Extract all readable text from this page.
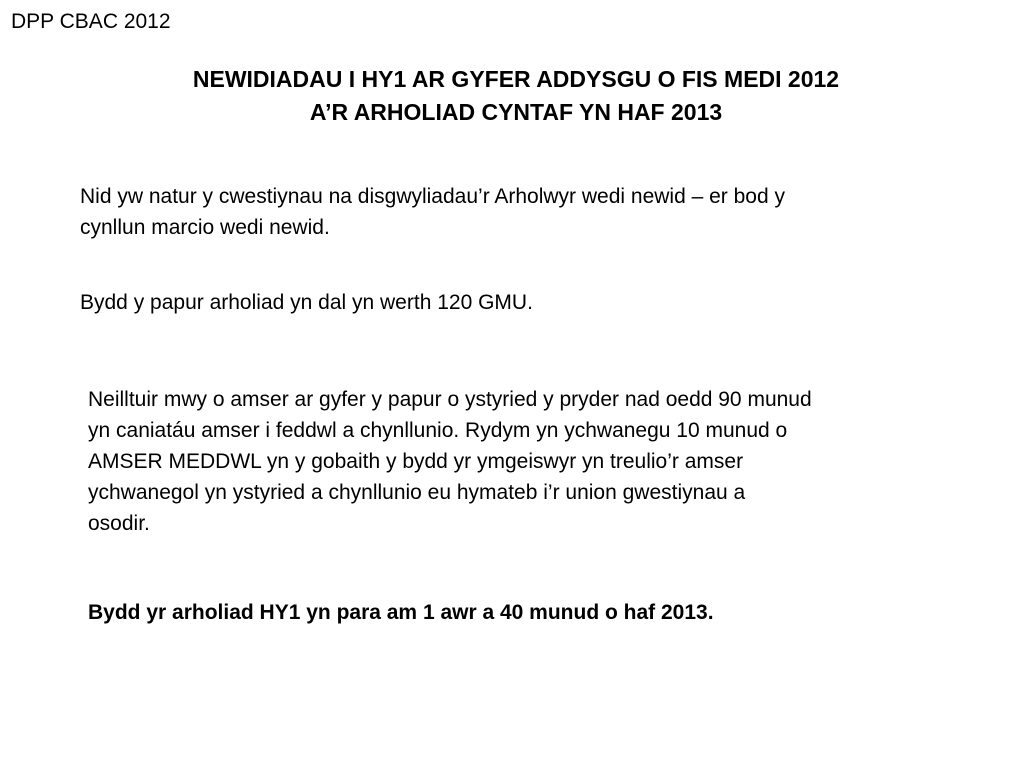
DPP CBAC 2012
NEWIDIADAU I HY1 AR GYFER ADDYSGU O FIS MEDI 2012
A’R ARHOLIAD CYNTAF YN HAF 2013
Nid yw natur y cwestiynau na disgwyliadau’r Arholwyr wedi newid – er bod y
cynllun marcio wedi newid.
Bydd y papur arholiad yn dal yn werth 120 GMU.
Neilltuir mwy o amser ar gyfer y papur o ystyried y pryder nad oedd 90 munud
yn caniatáu amser i feddwl a chynllunio. Rydym yn ychwanegu 10 munud o
AMSER MEDDWL yn y gobaith y bydd yr ymgeiswyr yn treulio’r amser
ychwanegol yn ystyried a chynllunio eu hymateb i’r union gwestiynau a
osodir.
Bydd yr arholiad HY1 yn para am 1 awr a 40 munud o haf 2013.
